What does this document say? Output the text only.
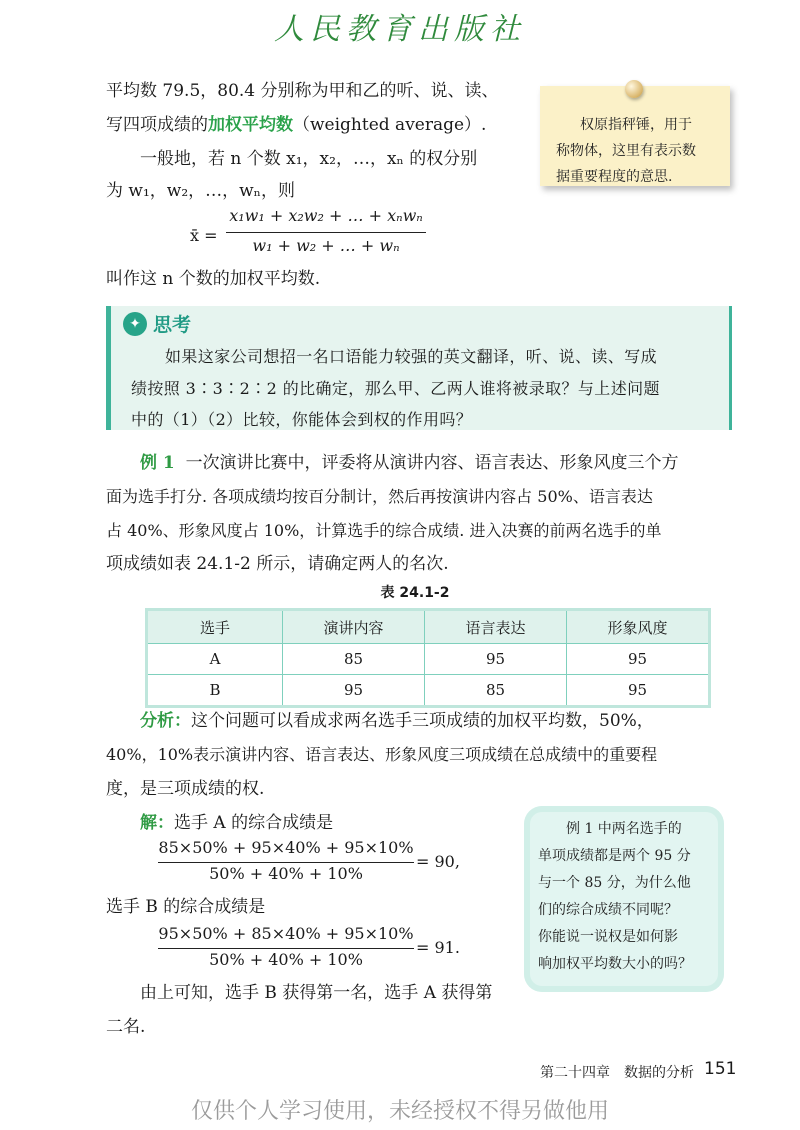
人民教育出版社
平均数 79.5，80.4 分别称为甲和乙的听、说、读、
写四项成绩的加权平均数（weighted average）.
一般地，若 n 个数 x₁，x₂，…，xₙ 的权分别
为 w₁，w₂，…，wₙ，则
x̄ =
x₁w₁ + x₂w₂ + … + xₙwₙ
w₁ + w₂ + … + wₙ
叫作这 n 个数的加权平均数.
权原指秤锤，用于
称物体，这里有表示数
据重要程度的意思.
✦ 思考
如果这家公司想招一名口语能力较强的英文翻译，听、说、读、写成
绩按照 3∶3∶2∶2 的比确定，那么甲、乙两人谁将被录取？与上述问题
中的（1）（2）比较，你能体会到权的作用吗？
例 1 一次演讲比赛中，评委将从演讲内容、语言表达、形象风度三个方
面为选手打分. 各项成绩均按百分制计，然后再按演讲内容占 50%、语言表达
占 40%、形象风度占 10%，计算选手的综合成绩. 进入决赛的前两名选手的单
项成绩如表 24.1-2 所示，请确定两人的名次.
表 24.1-2
选手	演讲内容	语言表达	形象风度
A	85	95	95
B	95	85	95
分析：这个问题可以看成求两名选手三项成绩的加权平均数，50%，
40%，10%表示演讲内容、语言表达、形象风度三项成绩在总成绩中的重要程
度，是三项成绩的权.
解：选手 A 的综合成绩是
85×50% + 95×40% + 95×10%
50% + 40% + 10%
= 90,
选手 B 的综合成绩是
95×50% + 85×40% + 95×10%
50% + 40% + 10%
= 91.
由上可知，选手 B 获得第一名，选手 A 获得第
二名.
例 1 中两名选手的
单项成绩都是两个 95 分
与一个 85 分，为什么他
们的综合成绩不同呢？
你能说一说权是如何影
响加权平均数大小的吗？
第二十四章　数据的分析 151
仅供个人学习使用，未经授权不得另做他用
